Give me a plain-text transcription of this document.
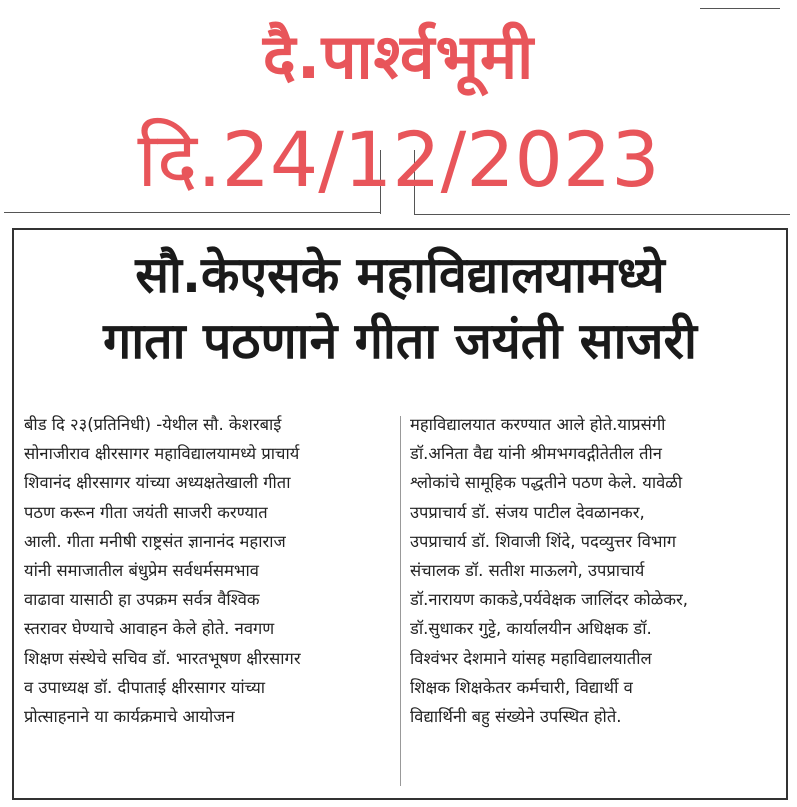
दै.पार्श्वभूमी
दि.24/12/2023
सौ.केएसके महाविद्यालयामध्ये
गाता पठणाने गीता जयंती साजरी
बीड दि २३(प्रतिनिधी) -येथील सौ. केशरबाई
सोनाजीराव क्षीरसागर महाविद्यालयामध्ये प्राचार्य
शिवानंद क्षीरसागर यांच्या अध्यक्षतेखाली गीता
पठण करून गीता जयंती साजरी करण्यात
आली. गीता मनीषी राष्ट्रसंत ज्ञानानंद महाराज
यांनी समाजातील बंधुप्रेम सर्वधर्मसमभाव
वाढावा यासाठी हा उपक्रम सर्वत्र वैश्विक
स्तरावर घेण्याचे आवाहन केले होते. नवगण
शिक्षण संस्थेचे सचिव डॉ. भारतभूषण क्षीरसागर
व उपाध्यक्ष डॉ. दीपाताई क्षीरसागर यांच्या
प्रोत्साहनाने या कार्यक्रमाचे आयोजन
महाविद्यालयात करण्यात आले होते.याप्रसंगी
डॉ.अनिता वैद्य यांनी श्रीमभगवद्गीतेतील तीन
श्लोकांचे सामूहिक पद्धतीने पठण केले. यावेळी
उपप्राचार्य डॉ. संजय पाटील देवळानकर,
उपप्राचार्य डॉ. शिवाजी शिंदे, पदव्युत्तर विभाग
संचालक डॉ. सतीश माऊलगे, उपप्राचार्य
डॉ.नारायण काकडे,पर्यवेक्षक जालिंदर कोळेकर,
डॉ.सुधाकर गुट्टे, कार्यालयीन अधिक्षक डॉ.
विश्वंभर देशमाने यांसह महाविद्यालयातील
शिक्षक शिक्षकेतर कर्मचारी, विद्यार्थी व
विद्यार्थिनी बहु संख्येने उपस्थित होते.
